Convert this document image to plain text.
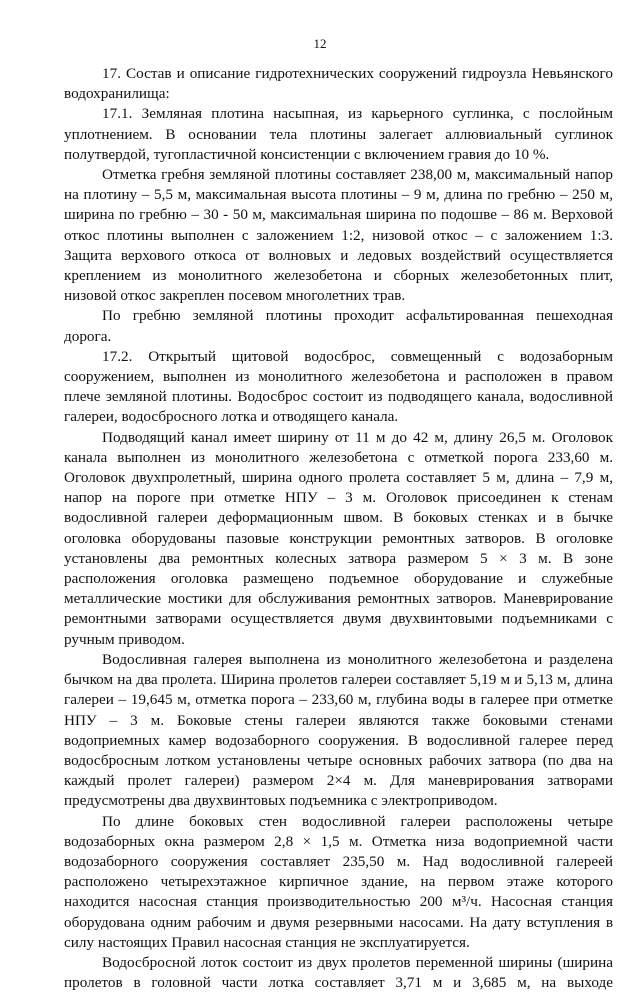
12

17. Состав и описание гидротехнических сооружений гидроузла Невьянского водохранилища:

17.1. Земляная плотина насыпная, из карьерного суглинка, с послойным уплотнением. В основании тела плотины залегает аллювиальный суглинок полутвердой, тугопластичной консистенции с включением гравия до 10 %.

Отметка гребня земляной плотины составляет 238,00 м, максимальный напор на плотину – 5,5 м, максимальная высота плотины – 9 м, длина по гребню – 250 м, ширина по гребню – 30 - 50 м, максимальная ширина по подошве – 86 м. Верховой откос плотины выполнен с заложением 1:2, низовой откос – с заложением 1:3. Защита верхового откоса от волновых и ледовых воздействий осуществляется креплением из монолитного железобетона и сборных железобетонных плит, низовой откос закреплен посевом многолетних трав.

По гребню земляной плотины проходит асфальтированная пешеходная дорога.

17.2. Открытый щитовой водосброс, совмещенный с водозаборным сооружением, выполнен из монолитного железобетона и расположен в правом плече земляной плотины. Водосброс состоит из подводящего канала, водосливной галереи, водосбросного лотка и отводящего канала.

Подводящий канал имеет ширину от 11 м до 42 м, длину 26,5 м. Оголовок канала выполнен из монолитного железобетона с отметкой порога 233,60 м. Оголовок двухпролетный, ширина одного пролета составляет 5 м, длина – 7,9 м, напор на пороге при отметке НПУ – 3 м. Оголовок присоединен к стенам водосливной галереи деформационным швом. В боковых стенках и в бычке оголовка оборудованы пазовые конструкции ремонтных затворов. В оголовке установлены два ремонтных колесных затвора размером 5 × 3 м. В зоне расположения оголовка размещено подъемное оборудование и служебные металлические мостики для обслуживания ремонтных затворов. Маневрирование ремонтными затворами осуществляется двумя двухвинтовыми подъемниками с ручным приводом.

Водосливная галерея выполнена из монолитного железобетона и разделена бычком на два пролета. Ширина пролетов галереи составляет 5,19 м и 5,13 м, длина галереи – 19,645 м, отметка порога – 233,60 м, глубина воды в галерее при отметке НПУ – 3 м. Боковые стены галереи являются также боковыми стенами водоприемных камер водозаборного сооружения. В водосливной галерее перед водосбросным лотком установлены четыре основных рабочих затвора (по два на каждый пролет галереи) размером 2×4 м. Для маневрирования затворами предусмотрены два двухвинтовых подъемника с электроприводом.

По длине боковых стен водосливной галереи расположены четыре водозаборных окна размером 2,8 × 1,5 м. Отметка низа водоприемной части водозаборного сооружения составляет 235,50 м. Над водосливной галереей расположено четырехэтажное кирпичное здание, на первом этаже которого находится насосная станция производительностью 200 м³/ч. Насосная станция оборудована одним рабочим и двумя резервными насосами. На дату вступления в силу настоящих Правил насосная станция не эксплуатируется.

Водосбросной лоток состоит из двух пролетов переменной ширины (ширина пролетов в головной части лотка составляет 3,71 м и 3,685 м, на выходе
